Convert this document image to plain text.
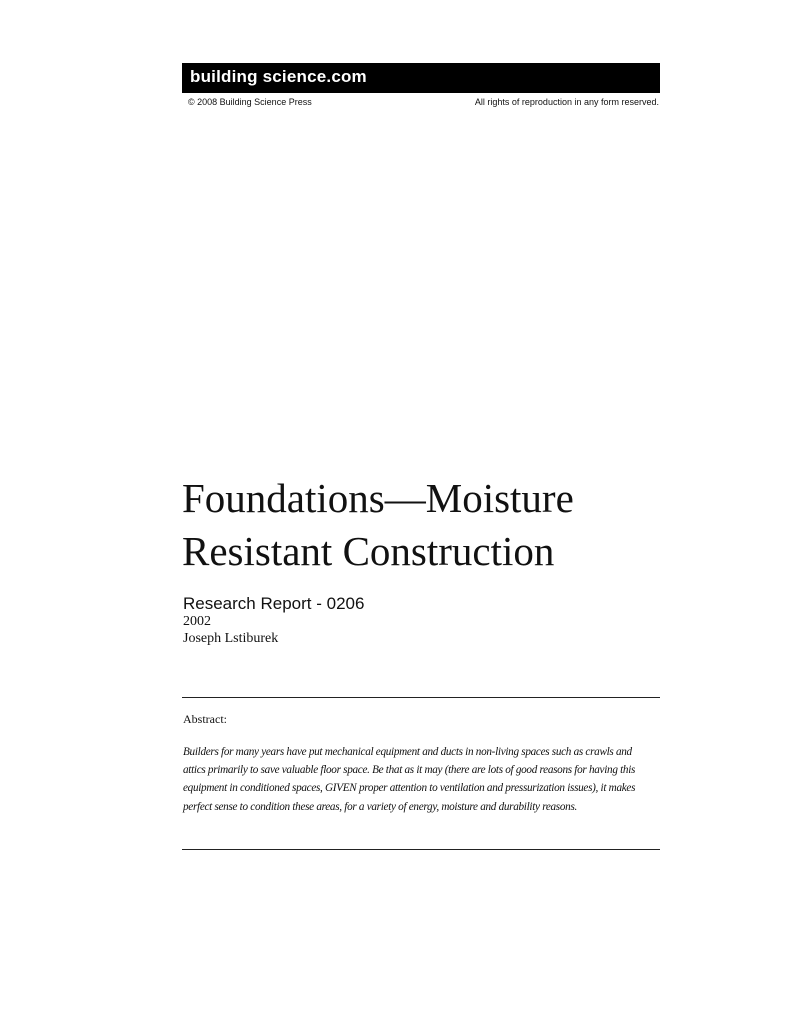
building science.com
© 2008 Building Science Press	All rights of reproduction in any form reserved.
Foundations—Moisture
Resistant Construction
Research Report - 0206
2002
Joseph Lstiburek
Abstract:

Builders for many years have put mechanical equipment and ducts in non-living spaces such as crawls and attics primarily to save valuable floor space. Be that as it may (there are lots of good reasons for having this equipment in conditioned spaces, GIVEN proper attention to ventilation and pressurization issues), it makes perfect sense to condition these areas, for a variety of energy, moisture and durability reasons.
